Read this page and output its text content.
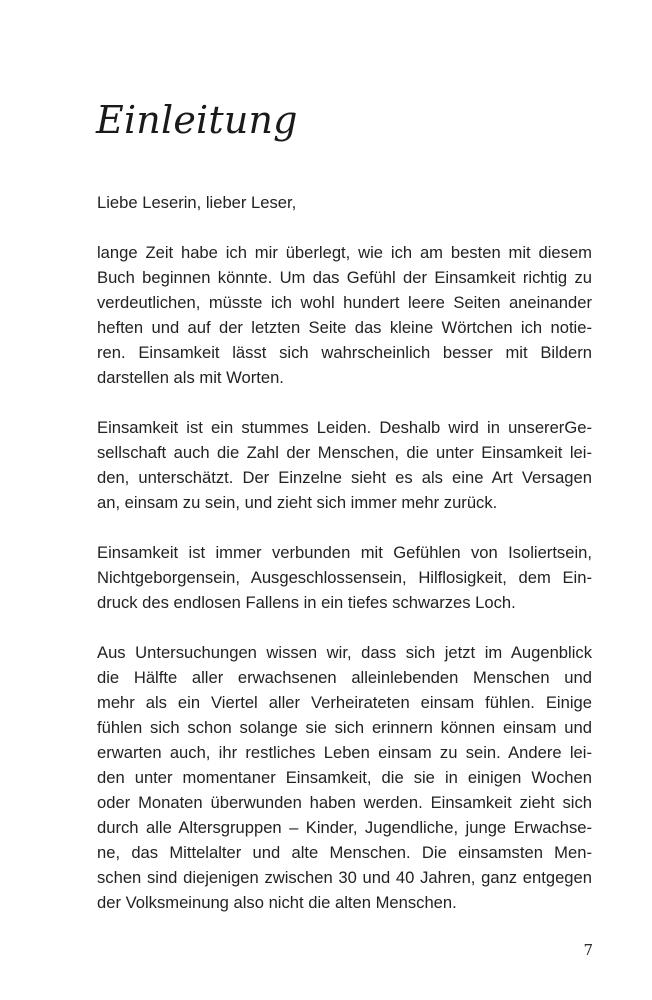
Einleitung

Liebe Leserin, lieber Leser,

lange Zeit habe ich mir überlegt, wie ich am besten mit diesem
Buch beginnen könnte. Um das Gefühl der Einsamkeit richtig zu
verdeutlichen, müsste ich wohl hundert leere Seiten aneinander
heften und auf der letzten Seite das kleine Wörtchen ich notie-
ren. Einsamkeit lässt sich wahrscheinlich besser mit Bildern
darstellen als mit Worten.

Einsamkeit ist ein stummes Leiden. Deshalb wird in unsererGe-
sellschaft auch die Zahl der Menschen, die unter Einsamkeit lei-
den, unterschätzt. Der Einzelne sieht es als eine Art Versagen
an, einsam zu sein, und zieht sich immer mehr zurück.

Einsamkeit ist immer verbunden mit Gefühlen von Isoliertsein,
Nichtgeborgensein, Ausgeschlossensein, Hilflosigkeit, dem Ein-
druck des endlosen Fallens in ein tiefes schwarzes Loch.

Aus Untersuchungen wissen wir, dass sich jetzt im Augenblick
die Hälfte aller erwachsenen alleinlebenden Menschen und
mehr als ein Viertel aller Verheirateten einsam fühlen. Einige
fühlen sich schon solange sie sich erinnern können einsam und
erwarten auch, ihr restliches Leben einsam zu sein. Andere lei-
den unter momentaner Einsamkeit, die sie in einigen Wochen
oder Monaten überwunden haben werden. Einsamkeit zieht sich
durch alle Altersgruppen – Kinder, Jugendliche, junge Erwachse-
ne, das Mittelalter und alte Menschen. Die einsamsten Men-
schen sind diejenigen zwischen 30 und 40 Jahren, ganz entgegen
der Volksmeinung also nicht die alten Menschen.

7
